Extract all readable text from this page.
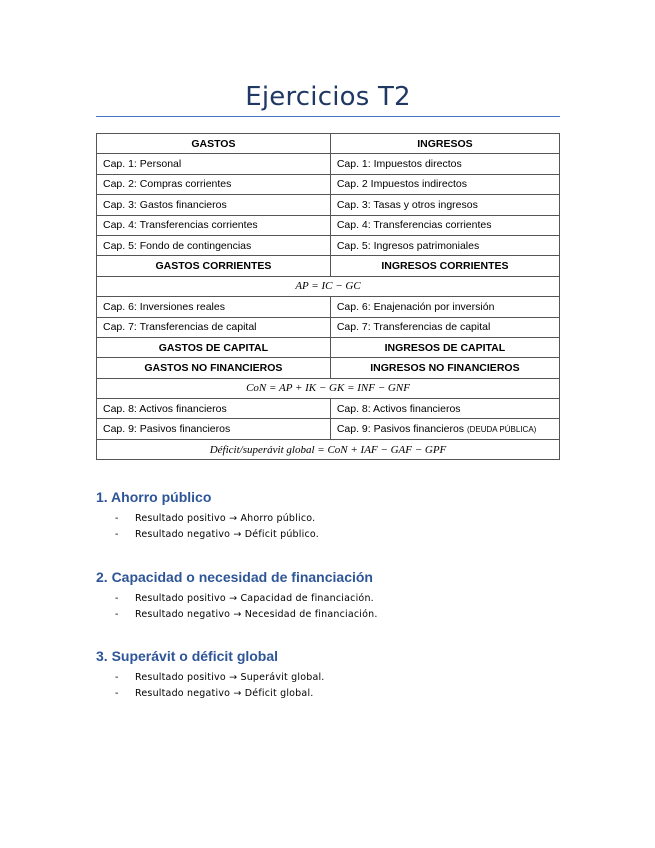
Ejercicios T2
GASTOS	INGRESOS
Cap. 1: Personal	Cap. 1: Impuestos directos
Cap. 2: Compras corrientes	Cap. 2 Impuestos indirectos
Cap. 3: Gastos financieros	Cap. 3: Tasas y otros ingresos
Cap. 4: Transferencias corrientes	Cap. 4: Transferencias corrientes
Cap. 5: Fondo de contingencias	Cap. 5: Ingresos patrimoniales
GASTOS CORRIENTES	INGRESOS CORRIENTES
AP = IC − GC	
Cap. 6: Inversiones reales	Cap. 6: Enajenación por inversión
Cap. 7: Transferencias de capital	Cap. 7: Transferencias de capital
GASTOS DE CAPITAL	INGRESOS DE CAPITAL
GASTOS NO FINANCIEROS	INGRESOS NO FINANCIEROS
CoN = AP + IK − GK = INF − GNF	
Cap. 8: Activos financieros	Cap. 8: Activos financieros
Cap. 9: Pasivos financieros	Cap. 9: Pasivos financieros (DEUDA PÚBLICA)
Déficit/superávit global = CoN + IAF − GAF − GPF	
1. Ahorro público
- Resultado positivo → Ahorro público.
- Resultado negativo → Déficit público.
2. Capacidad o necesidad de financiación
- Resultado positivo → Capacidad de financiación.
- Resultado negativo → Necesidad de financiación.
3. Superávit o déficit global
- Resultado positivo → Superávit global.
- Resultado negativo → Déficit global.
